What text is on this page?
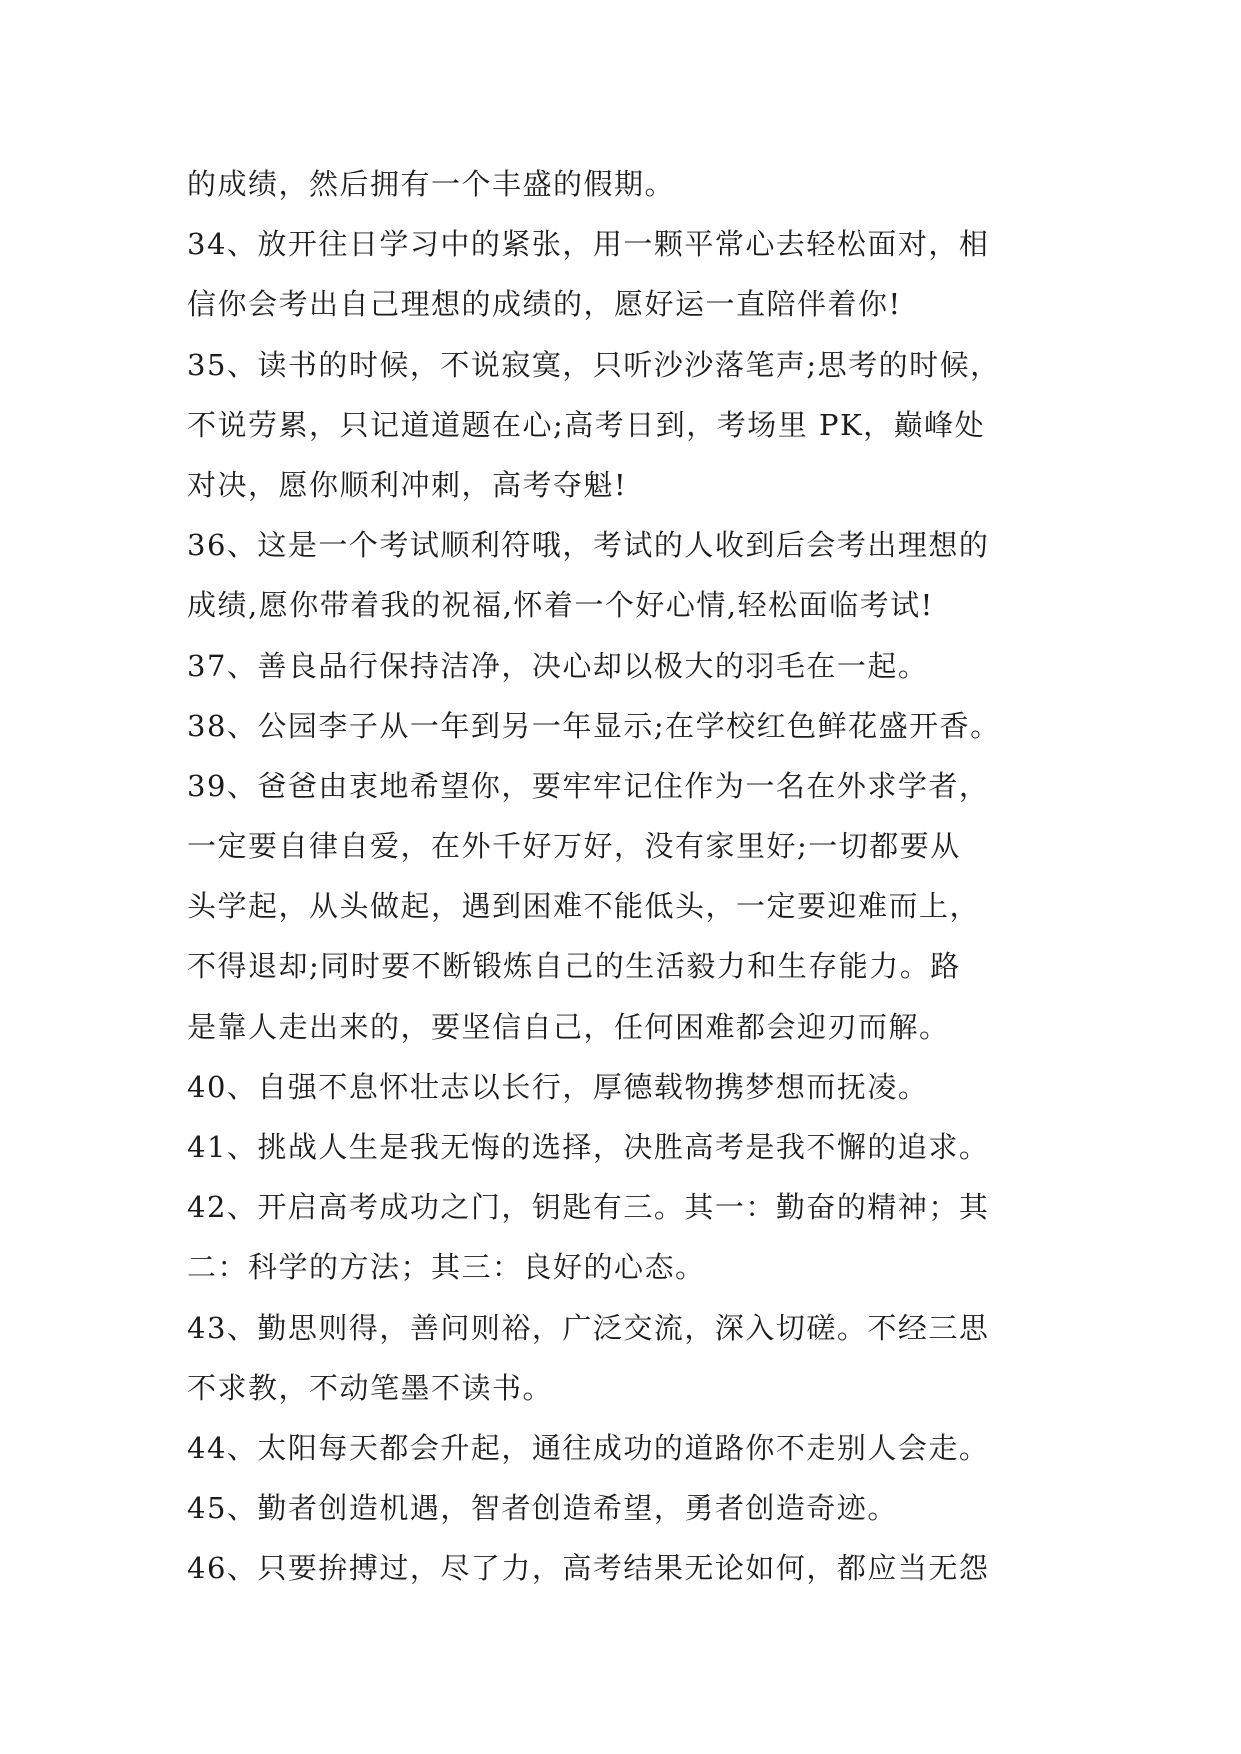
的成绩，然后拥有一个丰盛的假期。
34、放开往日学习中的紧张，用一颗平常心去轻松面对，相
信你会考出自己理想的成绩的，愿好运一直陪伴着你!
35、读书的时候，不说寂寞，只听沙沙落笔声;思考的时候，
不说劳累，只记道道题在心;高考日到，考场里 PK，巅峰处
对决，愿你顺利冲刺，高考夺魁!
36、这是一个考试顺利符哦，考试的人收到后会考出理想的
成绩,愿你带着我的祝福,怀着一个好心情,轻松面临考试!
37、善良品行保持洁净，决心却以极大的羽毛在一起。
38、公园李子从一年到另一年显示;在学校红色鲜花盛开香。
39、爸爸由衷地希望你，要牢牢记住作为一名在外求学者，
一定要自律自爱，在外千好万好，没有家里好;一切都要从
头学起，从头做起，遇到困难不能低头，一定要迎难而上，
不得退却;同时要不断锻炼自己的生活毅力和生存能力。路
是靠人走出来的，要坚信自己，任何困难都会迎刃而解。
40、自强不息怀壮志以长行，厚德载物携梦想而抚凌。
41、挑战人生是我无悔的选择，决胜高考是我不懈的追求。
42、开启高考成功之门，钥匙有三。其一：勤奋的精神；其
二：科学的方法；其三：良好的心态。
43、勤思则得，善问则裕，广泛交流，深入切磋。不经三思
不求教，不动笔墨不读书。
44、太阳每天都会升起，通往成功的道路你不走别人会走。
45、勤者创造机遇，智者创造希望，勇者创造奇迹。
46、只要拚搏过，尽了力，高考结果无论如何，都应当无怨
